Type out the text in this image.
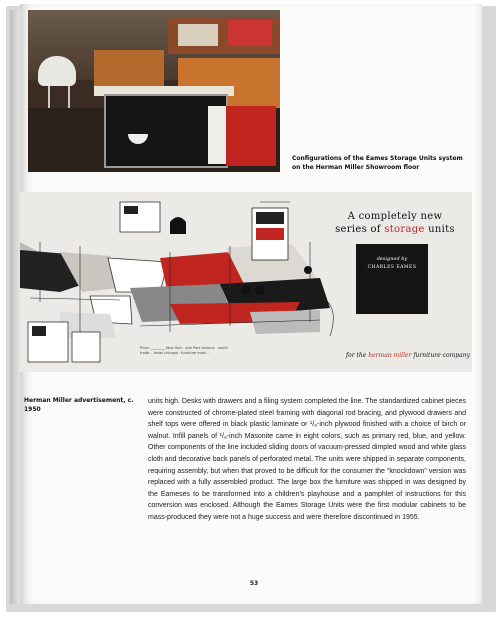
Configurations of the Eames Storage Units system on the Herman Miller Showroom floor
A completely new
series of storage units
designed by
CHARLES EAMES
Price: ________ New York · one Park Avenue · world trade... Hotel chicago · furniture mart...	for the herman miller furniture company
Herman Miller advertisement, c. 1950
units high. Desks with drawers and a filing system completed the line. The standardized cabinet pieces were constructed of chrome-plated steel framing with diagonal rod bracing, and plywood drawers and shelf tops were offered in black plastic laminate or ¹/₈-inch plywood finished with a choice of birch or walnut. Infill panels of ¹/₈-inch Masonite came in eight colors, such as primary red, blue, and yellow. Other components of the line included sliding doors of vacuum-pressed dimpled wood and white glass cloth and decorative back panels of perforated metal. The units were shipped in separate components, requiring assembly, but when that proved to be difficult for the consumer the “knockdown” version was replaced with a fully assembled product. The large box the furniture was shipped in was designed by the Eameses to be transformed into a children’s playhouse and a pamphlet of instructions for this conversion was enclosed. Although the Eames Storage Units were the first modular cabinets to be mass-produced they were not a huge success and were therefore discontinued in 1955.
53
